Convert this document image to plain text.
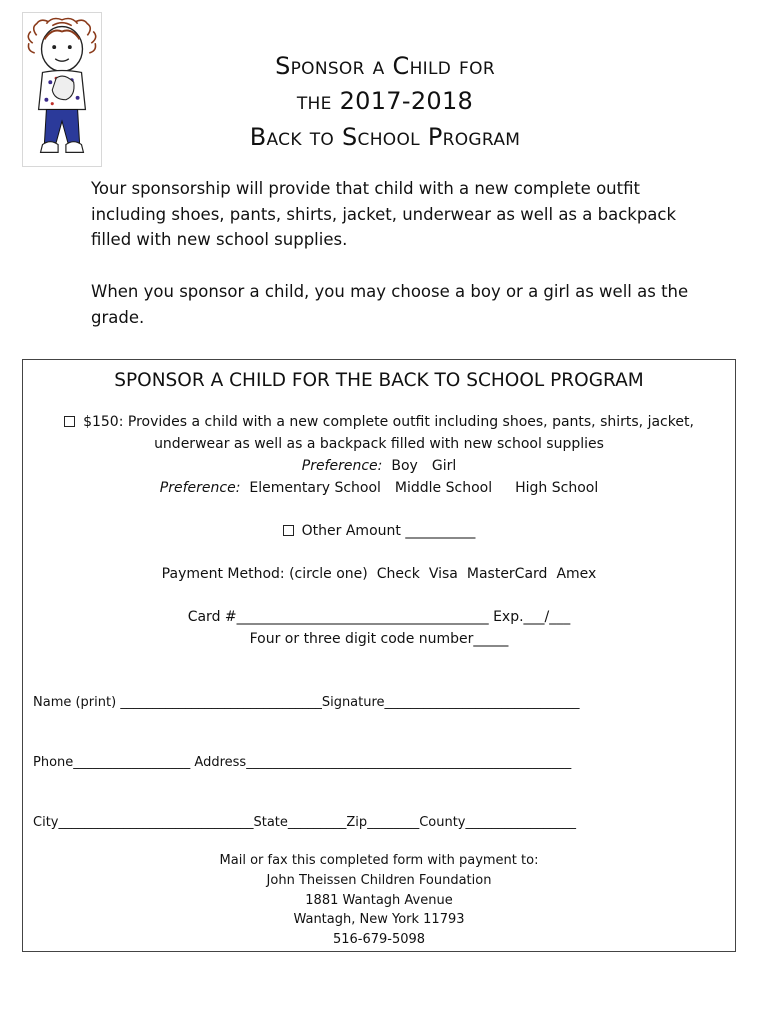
Sponsor a Child for
the 2017-2018
Back to School Program
Your sponsorship will provide that child with a new complete outfit including shoes, pants, shirts, jacket, underwear as well as a backpack filled with new school supplies.
When you sponsor a child, you may choose a boy or a girl as well as the grade.
SPONSOR A CHILD FOR THE BACK TO SCHOOL PROGRAM
$150: Provides a child with a new complete outfit including shoes, pants, shirts, jacket,
underwear as well as a backpack filled with new school supplies
Preference: Boy Girl
Preference: Elementary School Middle School High School
Other Amount __________
Payment Method: (circle one) Check Visa MasterCard Amex
Card #____________________________________ Exp.___/___
Four or three digit code number_____
Name (print) _______________________________Signature______________________________
Phone__________________ Address__________________________________________________
City______________________________State_________Zip________County_________________
Mail or fax this completed form with payment to:
John Theissen Children Foundation
1881 Wantagh Avenue
Wantagh, New York 11793
516-679-5098
